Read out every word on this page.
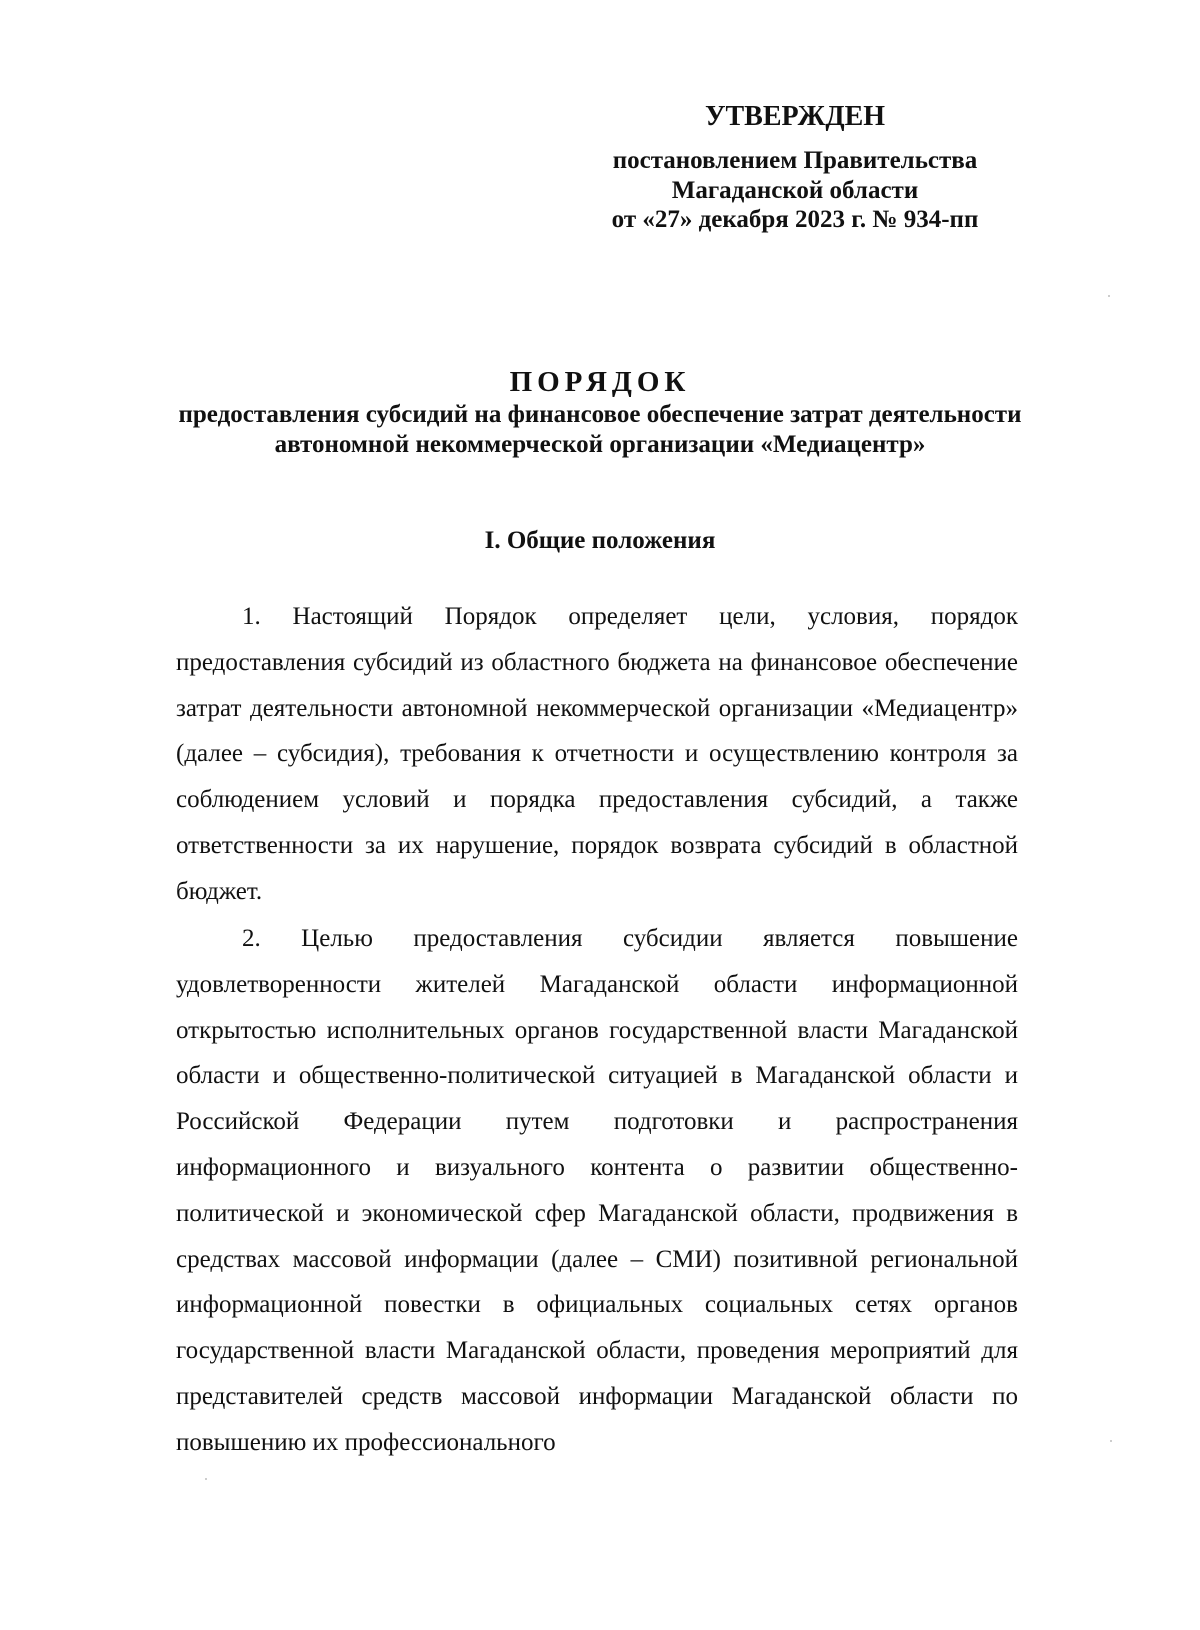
УТВЕРЖДЕН
постановлением Правительства Магаданской области
от «27» декабря 2023 г. № 934-пп
ПОРЯДОК
предоставления субсидий на финансовое обеспечение затрат деятельности автономной некоммерческой организации «Медиацентр»
I. Общие положения

1. Настоящий Порядок определяет цели, условия, порядок предоставления субсидий из областного бюджета на финансовое обеспечение затрат деятельности автономной некоммерческой организации «Медиацентр» (далее – субсидия), требования к отчетности и осуществлению контроля за соблюдением условий и порядка предоставления субсидий, а также ответственности за их нарушение, порядок возврата субсидий в областной бюджет.

2. Целью предоставления субсидии является повышение удовлетворенности жителей Магаданской области информационной открытостью исполнительных органов государственной власти Магаданской области и общественно-политической ситуацией в Магаданской области и Российской Федерации путем подготовки и распространения информационного и визуального контента о развитии общественно-политической и экономической сфер Магаданской области, продвижения в средствах массовой информации (далее – СМИ) позитивной региональной информационной повестки в официальных социальных сетях органов государственной власти Магаданской области, проведения мероприятий для представителей средств массовой информации Магаданской области по повышению их профессионального
